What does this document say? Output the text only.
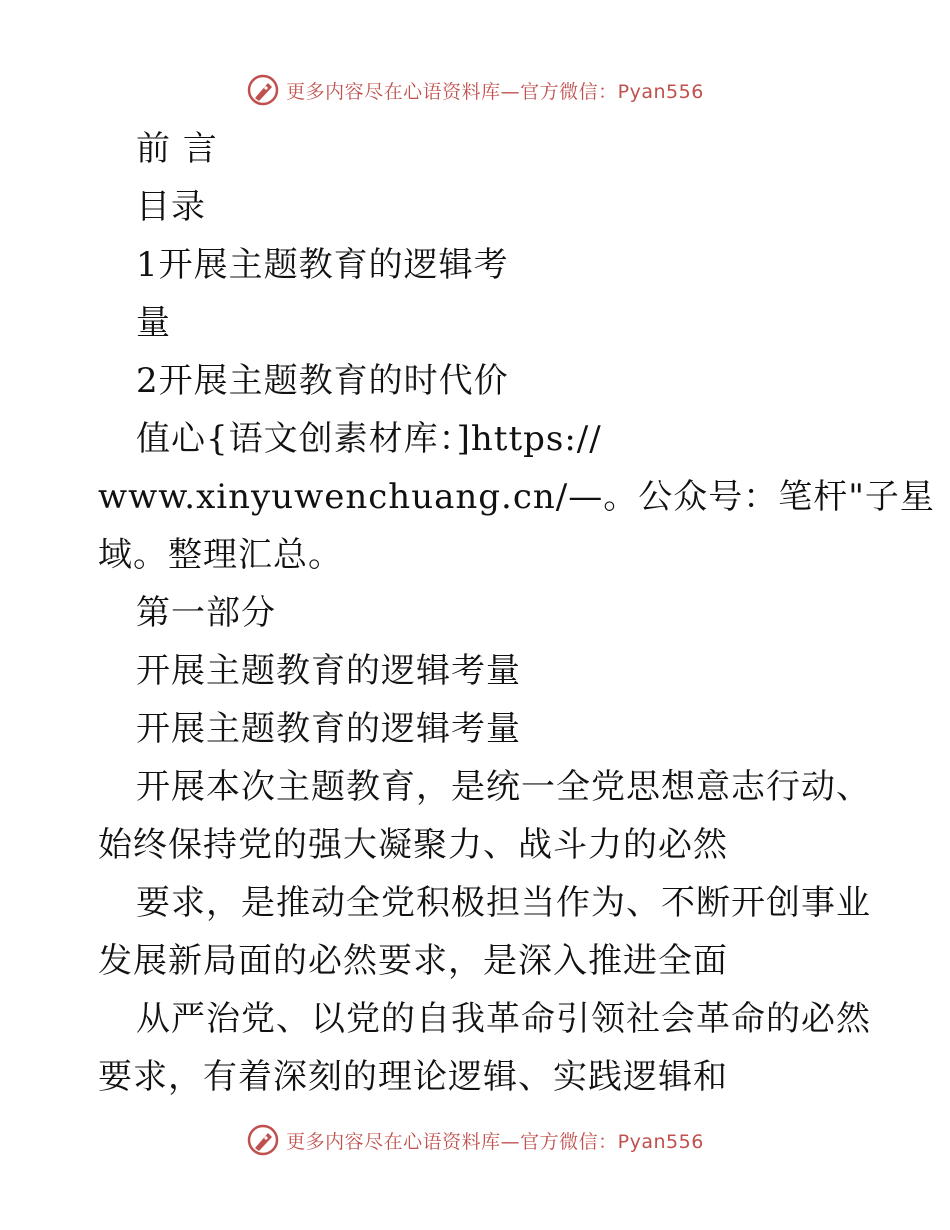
更多内容尽在心语资料库—官方微信：Pyan556
前 言
目录
1开展主题教育的逻辑考
量
2开展主题教育的时代价
值心{语文创素材库：]https://
www.xinyuwenchuang.cn/—。公众号：笔杆"子星
域。整理汇总。
第一部分
开展主题教育的逻辑考量
开展主题教育的逻辑考量
开展本次主题教育，是统一全党思想意志行动、
始终保持党的强大凝聚力、战斗力的必然
要求，是推动全党积极担当作为、不断开创事业
发展新局面的必然要求，是深入推进全面
从严治党、以党的自我革命引领社会革命的必然
要求，有着深刻的理论逻辑、实践逻辑和
更多内容尽在心语资料库—官方微信：Pyan556
